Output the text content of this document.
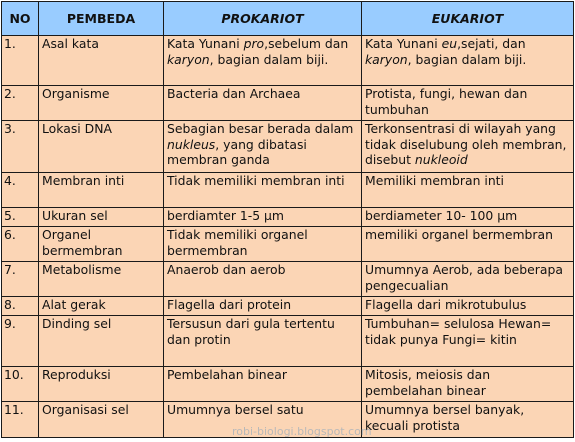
NO	PEMBEDA	PROKARIOT	EUKARIOT
1.	Asal kata	Kata Yunani pro,sebelum dan karyon, bagian dalam biji.	Kata Yunani eu,sejati, dan karyon, bagian dalam biji.
2.	Organisme	Bacteria dan Archaea	Protista, fungi, hewan dan tumbuhan
3.	Lokasi DNA	Sebagian besar berada dalam nukleus, yang dibatasi membran ganda	Terkonsentrasi di wilayah yang tidak diselubung oleh membran, disebut nukleoid
4.	Membran inti	Tidak memiliki membran inti	Memiliki membran inti
5.	Ukuran sel	berdiamter 1-5 µm	berdiameter 10- 100 µm
6.	Organel bermembran	Tidak memiliki organel bermembran	memiliki organel bermembran
7.	Metabolisme	Anaerob dan aerob	Umumnya Aerob, ada beberapa pengecualian
8.	Alat gerak	Flagella dari protein	Flagella dari mikrotubulus
9.	Dinding sel	Tersusun dari gula tertentu dan protin	Tumbuhan= selulosa Hewan= tidak punya Fungi= kitin
10.	Reproduksi	Pembelahan binear	Mitosis, meiosis dan pembelahan binear
11.	Organisasi sel	Umumnya bersel satu	Umumnya bersel banyak, kecuali protista
robi-biologi.blogspot.com
